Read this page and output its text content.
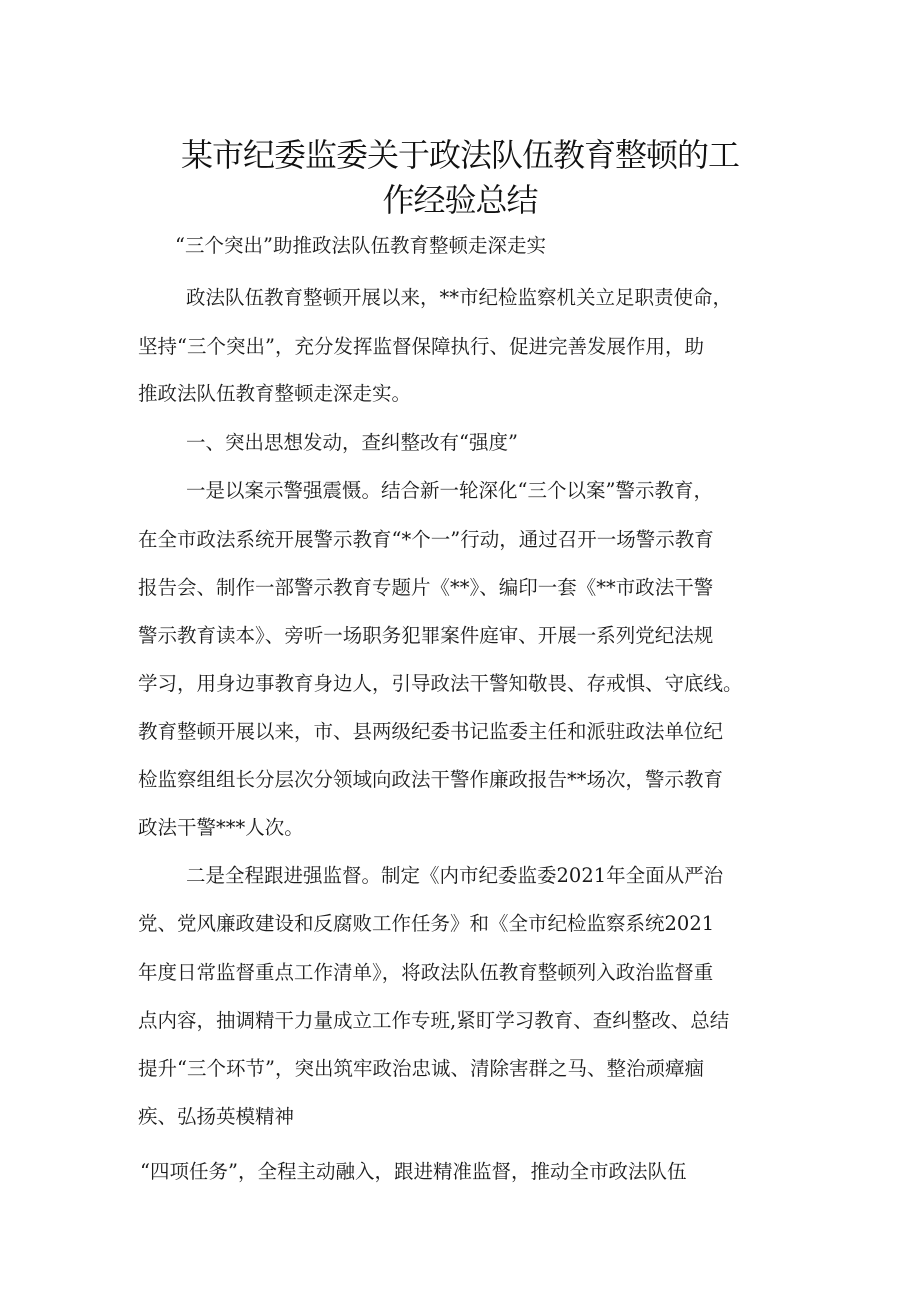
某市纪委监委关于政法队伍教育整顿的工
作经验总结

“三个突出”助推政法队伍教育整顿走深走实

政法队伍教育整顿开展以来，**市纪检监察机关立足职责使命，

坚持“三个突出”，充分发挥监督保障执行、促进完善发展作用，助

推政法队伍教育整顿走深走实。

一、突出思想发动，查纠整改有“强度”

一是以案示警强震慑。结合新一轮深化“三个以案”警示教育，

在全市政法系统开展警示教育“*个一”行动，通过召开一场警示教育

报告会、制作一部警示教育专题片《**》、编印一套《**市政法干警

警示教育读本》、旁听一场职务犯罪案件庭审、开展一系列党纪法规

学习，用身边事教育身边人，引导政法干警知敬畏、存戒惧、守底线。

教育整顿开展以来，市、县两级纪委书记监委主任和派驻政法单位纪

检监察组组长分层次分领域向政法干警作廉政报告**场次，警示教育

政法干警***人次。

二是全程跟进强监督。制定《内市纪委监委2021年全面从严治

党、党风廉政建设和反腐败工作任务》和《全市纪检监察系统2021

年度日常监督重点工作清单》，将政法队伍教育整顿列入政治监督重

点内容，抽调精干力量成立工作专班,紧盯学习教育、查纠整改、总结

提升“三个环节”，突出筑牢政治忠诚、清除害群之马、整治顽瘴痼

疾、弘扬英模精神

“四项任务”，全程主动融入，跟进精准监督，推动全市政法队伍
